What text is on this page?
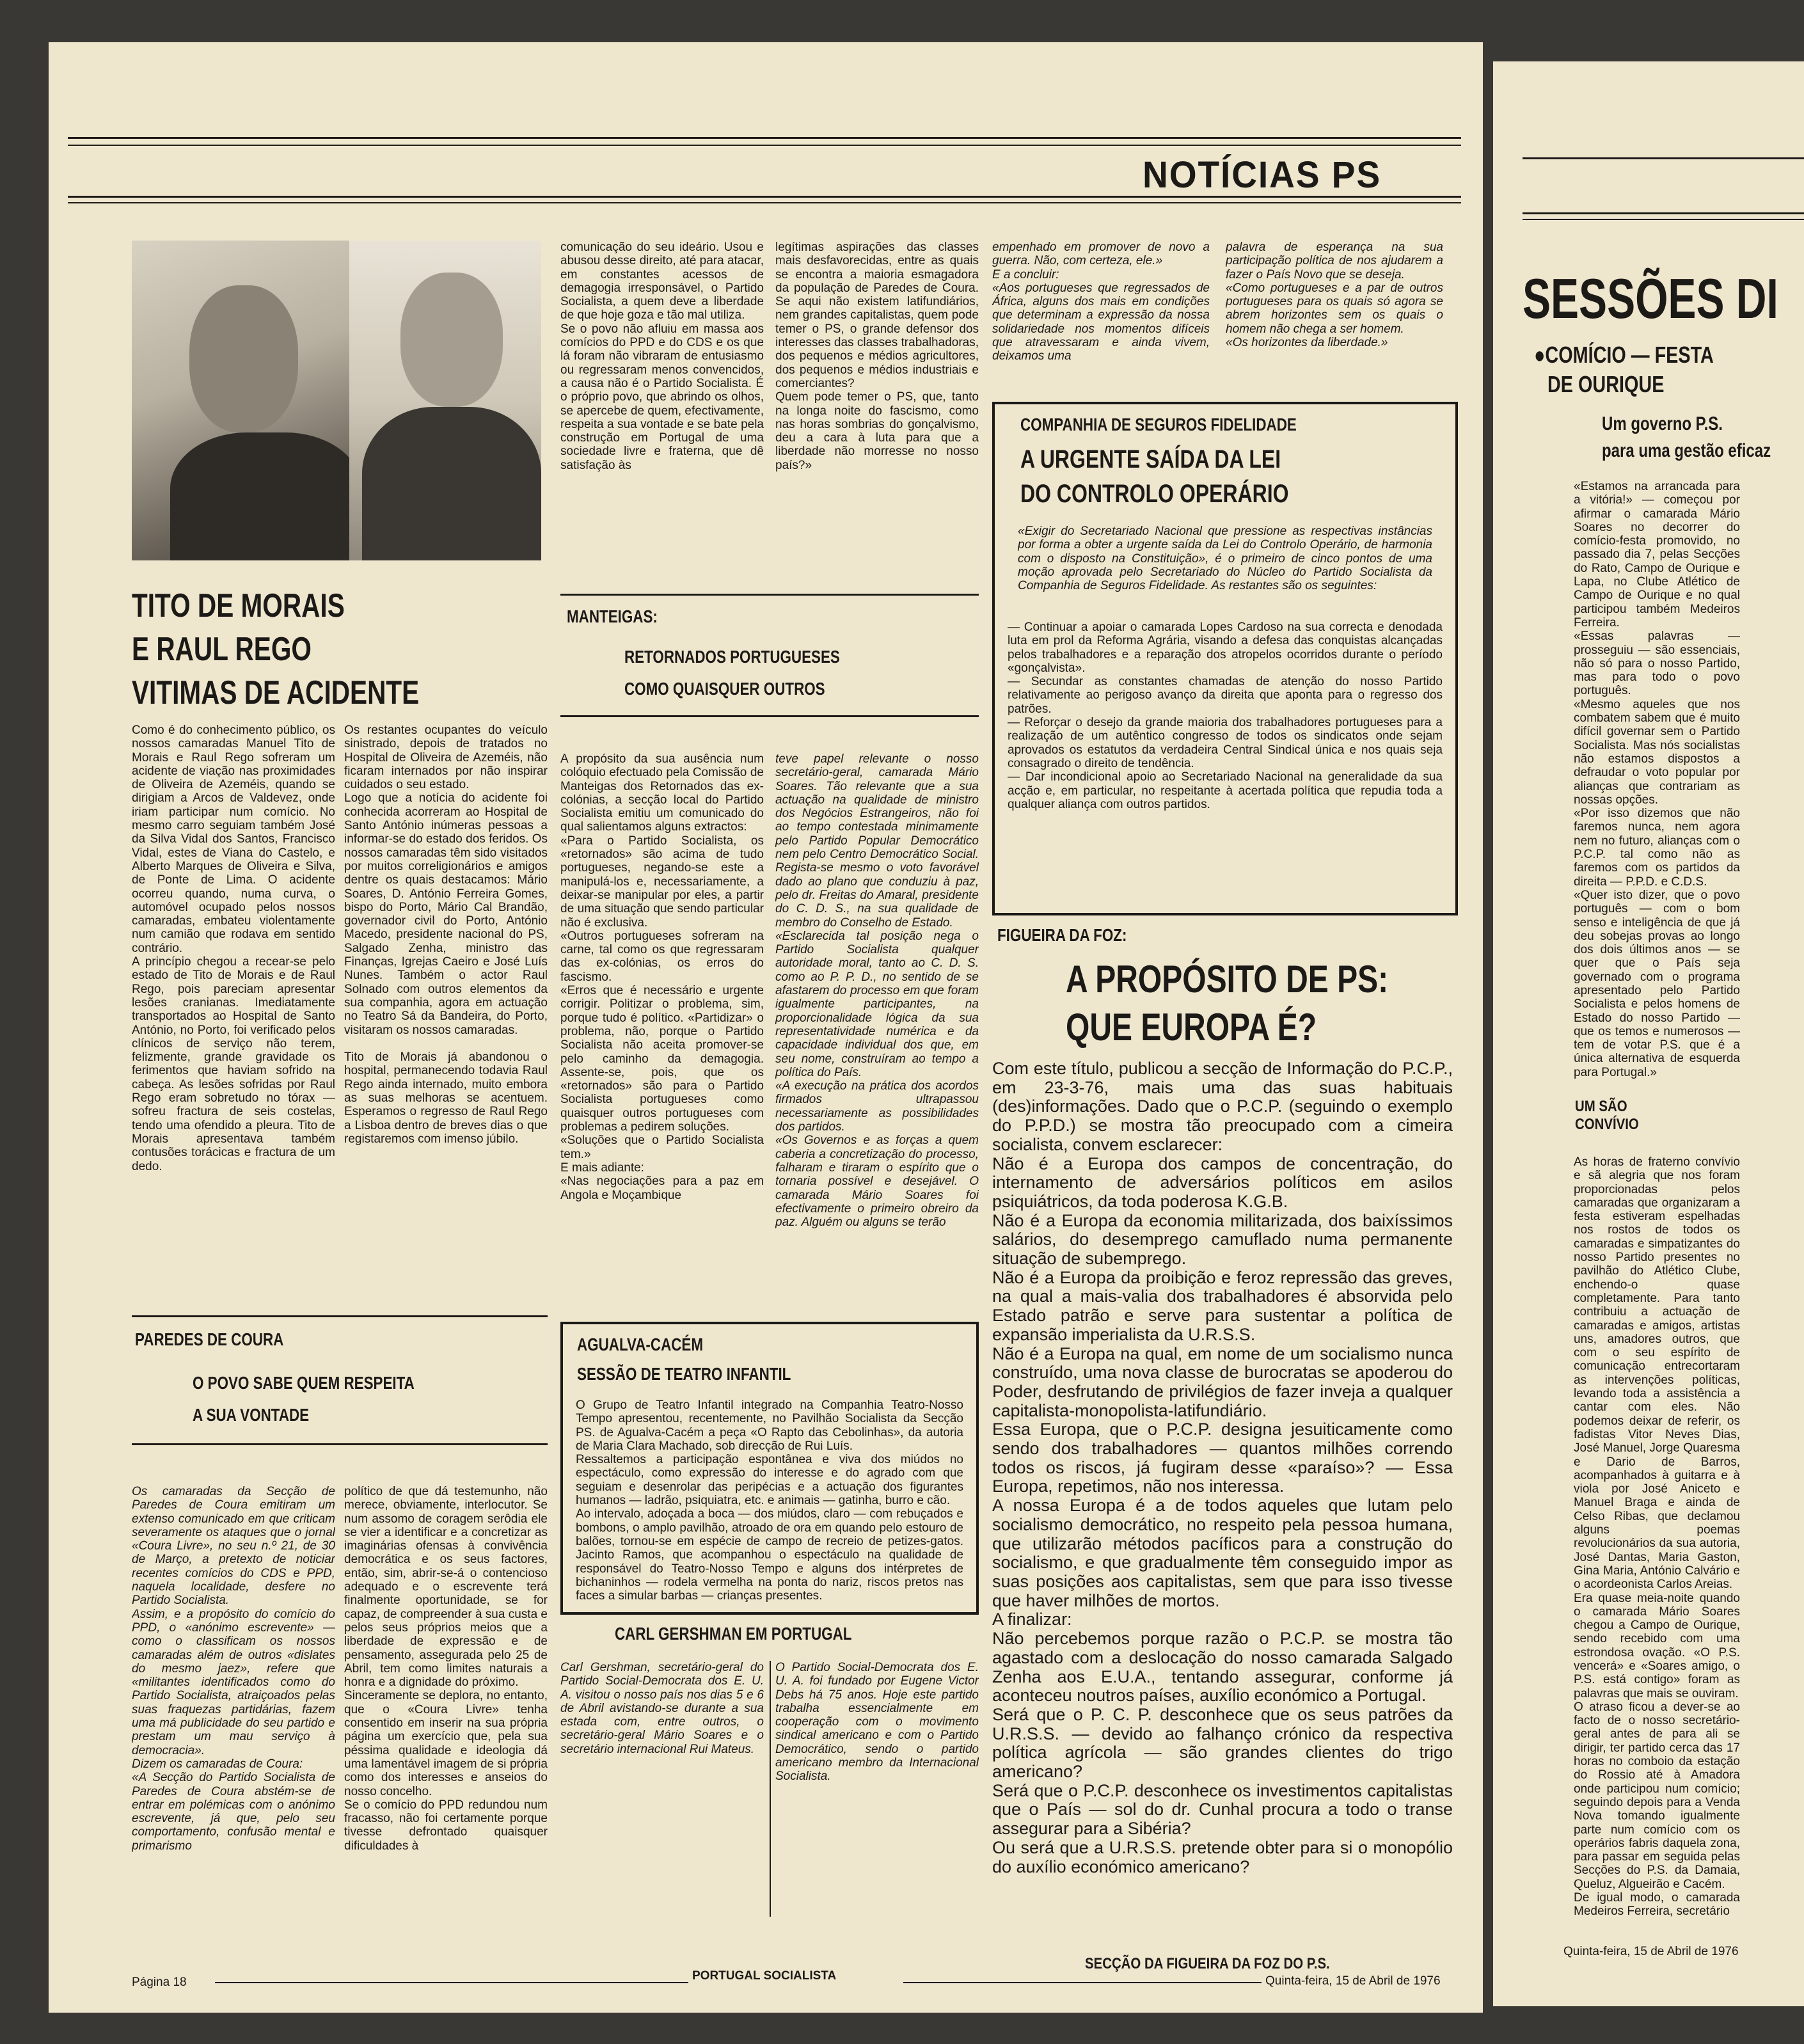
NOTÍCIAS PS
TITO DE MORAIS
E RAUL REGO
VITIMAS DE ACIDENTE
Como é do conhecimento público, os nossos camaradas Manuel Tito de Morais e Raul Rego sofreram um acidente de viação nas proximidades de Oliveira de Azeméis, quando se dirigiam a Arcos de Valdevez, onde iriam participar num comício. No mesmo carro seguiam também José da Silva Vidal dos Santos, Francisco Vidal, estes de Viana do Castelo, e Alberto Marques de Oliveira e Silva, de Ponte de Lima. O acidente ocorreu quando, numa curva, o automóvel ocupado pelos nossos camaradas, embateu violentamente num camião que rodava em sentido contrário.
A princípio chegou a recear-se pelo estado de Tito de Morais e de Raul Rego, pois pareciam apresentar lesões cranianas. Imediatamente transportados ao Hospital de Santo António, no Porto, foi verificado pelos clínicos de serviço não terem, felizmente, grande gravidade os ferimentos que haviam sofrido na cabeça. As lesões sofridas por Raul Rego eram sobretudo no tórax — sofreu fractura de seis costelas, tendo uma ofendido a pleura. Tito de Morais apresentava também contusões torácicas e fractura de um dedo.
Os restantes ocupantes do veículo sinistrado, depois de tratados no Hospital de Oliveira de Azeméis, não ficaram internados por não inspirar cuidados o seu estado.
Logo que a notícia do acidente foi conhecida acorreram ao Hospital de Santo António inúmeras pessoas a informar-se do estado dos feridos. Os nossos camaradas têm sido visitados por muitos correligionários e amigos dentre os quais destacamos: Mário Soares, D. António Ferreira Gomes, bispo do Porto, Mário Cal Brandão, governador civil do Porto, António Macedo, presidente nacional do PS, Salgado Zenha, ministro das Finanças, Igrejas Caeiro e José Luís Nunes. Também o actor Raul Solnado com outros elementos da sua companhia, agora em actuação no Teatro Sá da Bandeira, do Porto, visitaram os nossos camaradas.

Tito de Morais já abandonou o hospital, permanecendo todavia Raul Rego ainda internado, muito embora as suas melhoras se acentuem. Esperamos o regresso de Raul Rego a Lisboa dentro de breves dias o que registaremos com imenso júbilo.
PAREDES DE COURA
O POVO SABE QUEM RESPEITA
A SUA VONTADE
Os camaradas da Secção de Paredes de Coura emitiram um extenso comunicado em que criticam severamente os ataques que o jornal «Coura Livre», no seu n.º 21, de 30 de Março, a pretexto de noticiar recentes comícios do CDS e PPD, naquela localidade, desfere no Partido Socialista.
Assim, e a propósito do comício do PPD, o «anónimo escrevente» — como o classificam os nossos camaradas além de outros «dislates do mesmo jaez», refere que «militantes identificados como do Partido Socialista, atraiçoados pelas suas fraquezas partidárias, fazem uma má publicidade do seu partido e prestam um mau serviço à democracia».
Dizem os camaradas de Coura:
«A Secção do Partido Socialista de Paredes de Coura abstém-se de entrar em polémicas com o anónimo escrevente, já que, pelo seu comportamento, confusão mental e primarismo
político de que dá testemunho, não merece, obviamente, interlocutor. Se num assomo de coragem serôdia ele se vier a identificar e a concretizar as imaginárias ofensas à convivência democrática e os seus factores, então, sim, abrir-se-á o contencioso adequado e o escrevente terá finalmente oportunidade, se for capaz, de compreender à sua custa e pelos seus próprios meios que a liberdade de expressão e de pensamento, assegurada pelo 25 de Abril, tem como limites naturais a honra e a dignidade do próximo.
Sinceramente se deplora, no entanto, que o «Coura Livre» tenha consentido em inserir na sua própria página um exercício que, pela sua péssima qualidade e ideologia dá uma lamentável imagem de si própria como dos interesses e anseios do nosso concelho.
Se o comício do PPD redundou num fracasso, não foi certamente porque tivesse defrontado quaisquer dificuldades à
comunicação do seu ideário. Usou e abusou desse direito, até para atacar, em constantes acessos de demagogia irresponsável, o Partido Socialista, a quem deve a liberdade de que hoje goza e tão mal utiliza.
Se o povo não afluiu em massa aos comícios do PPD e do CDS e os que lá foram não vibraram de entusiasmo ou regressaram menos convencidos, a causa não é o Partido Socialista. É o próprio povo, que abrindo os olhos, se apercebe de quem, efectivamente, respeita a sua vontade e se bate pela construção em Portugal de uma sociedade livre e fraterna, que dê satisfação às
legítimas aspirações das classes mais desfavorecidas, entre as quais se encontra a maioria esmagadora da população de Paredes de Coura. Se aqui não existem latifundiários, nem grandes capitalistas, quem pode temer o PS, o grande defensor dos interesses das classes trabalhadoras, dos pequenos e médios agricultores, dos pequenos e médios industriais e comerciantes?
Quem pode temer o PS, que, tanto na longa noite do fascismo, como nas horas sombrias do gonçalvismo, deu a cara à luta para que a liberdade não morresse no nosso país?»
MANTEIGAS:
RETORNADOS PORTUGUESES
COMO QUAISQUER OUTROS
A propósito da sua ausência num colóquio efectuado pela Comissão de Manteigas dos Retornados das ex-colónias, a secção local do Partido Socialista emitiu um comunicado do qual salientamos alguns extractos:
«Para o Partido Socialista, os «retornados» são acima de tudo portugueses, negando-se este a manipulá-los e, necessariamente, a deixar-se manipular por eles, a partir de uma situação que sendo particular não é exclusiva.
«Outros portugueses sofreram na carne, tal como os que regressaram das ex-colónias, os erros do fascismo.
«Erros que é necessário e urgente corrigir. Politizar o problema, sim, porque tudo é político. «Partidizar» o problema, não, porque o Partido Socialista não aceita promover-se pelo caminho da demagogia. Assente-se, pois, que os «retornados» são para o Partido Socialista portugueses como quaisquer outros portugueses com problemas a pedirem soluções.
«Soluções que o Partido Socialista tem.»
E mais adiante:
«Nas negociações para a paz em Angola e Moçambique
teve papel relevante o nosso secretário-geral, camarada Mário Soares. Tão relevante que a sua actuação na qualidade de ministro dos Negócios Estrangeiros, não foi ao tempo contestada minimamente pelo Partido Popular Democrático nem pelo Centro Democrático Social. Regista-se mesmo o voto favorável dado ao plano que conduziu à paz, pelo dr. Freitas do Amaral, presidente do C. D. S., na sua qualidade de membro do Conselho de Estado.
«Esclarecida tal posição nega o Partido Socialista qualquer autoridade moral, tanto ao C. D. S. como ao P. P. D., no sentido de se afastarem do processo em que foram igualmente participantes, na proporcionalidade lógica da sua representatividade numérica e da capacidade individual dos que, em seu nome, construíram ao tempo a política do País.
«A execução na prática dos acordos firmados ultrapassou necessariamente as possibilidades dos partidos.
«Os Governos e as forças a quem caberia a concretização do processo, falharam e tiraram o espírito que o tornaria possível e desejável. O camarada Mário Soares foi efectivamente o primeiro obreiro da paz. Alguém ou alguns se terão
AGUALVA-CACÉM
SESSÃO DE TEATRO INFANTIL
O Grupo de Teatro Infantil integrado na Companhia Teatro-Nosso Tempo apresentou, recentemente, no Pavilhão Socialista da Secção PS. de Agualva-Cacém a peça «O Rapto das Cebolinhas», da autoria de Maria Clara Machado, sob direcção de Rui Luís.
Ressaltemos a participação espontânea e viva dos miúdos no espectáculo, como expressão do interesse e do agrado com que seguiam e desenrolar das peripécias e a actuação dos figurantes humanos — ladrão, psiquiatra, etc. e animais — gatinha, burro e cão.
Ao intervalo, adoçada a boca — dos miúdos, claro — com rebuçados e bombons, o amplo pavilhão, atroado de ora em quando pelo estouro de balões, tornou-se em espécie de campo de recreio de petizes-gatos. Jacinto Ramos, que acompanhou o espectáculo na qualidade de responsável do Teatro-Nosso Tempo e alguns dos intérpretes de bichaninhos — rodela vermelha na ponta do nariz, riscos pretos nas faces a simular barbas — crianças presentes.
CARL GERSHMAN EM PORTUGAL
Carl Gershman, secretário-geral do Partido Social-Democrata dos E. U. A. visitou o nosso país nos dias 5 e 6 de Abril avistando-se durante a sua estada com, entre outros, o secretário-geral Mário Soares e o secretário internacional Rui Mateus.
O Partido Social-Democrata dos E. U. A. foi fundado por Eugene Victor Debs há 75 anos. Hoje este partido trabalha essencialmente em cooperação com o movimento sindical americano e com o Partido Democrático, sendo o partido americano membro da Internacional Socialista.
empenhado em promover de novo a guerra. Não, com certeza, ele.»
E a concluir:
«Aos portugueses que regressados de África, alguns dos mais em condições que determinam a expressão da nossa solidariedade nos momentos difíceis que atravessaram e ainda vivem, deixamos uma
palavra de esperança na sua participação política de nos ajudarem a fazer o País Novo que se deseja.
«Como portugueses e a par de outros portugueses para os quais só agora se abrem horizontes sem os quais o homem não chega a ser homem.
«Os horizontes da liberdade.»
COMPANHIA DE SEGUROS FIDELIDADE
A URGENTE SAÍDA DA LEI
DO CONTROLO OPERÁRIO
«Exigir do Secretariado Nacional que pressione as respectivas instâncias por forma a obter a urgente saída da Lei do Controlo Operário, de harmonia com o disposto na Constituição», é o primeiro de cinco pontos de uma moção aprovada pelo Secretariado do Núcleo do Partido Socialista da Companhia de Seguros Fidelidade. As restantes são os seguintes:
— Continuar a apoiar o camarada Lopes Cardoso na sua correcta e denodada luta em prol da Reforma Agrária, visando a defesa das conquistas alcançadas pelos trabalhadores e a reparação dos atropelos ocorridos durante o período «gonçalvista».
— Secundar as constantes chamadas de atenção do nosso Partido relativamente ao perigoso avanço da direita que aponta para o regresso dos patrões.
— Reforçar o desejo da grande maioria dos trabalhadores portugueses para a realização de um autêntico congresso de todos os sindicatos onde sejam aprovados os estatutos da verdadeira Central Sindical única e nos quais seja consagrado o direito de tendência.
— Dar incondicional apoio ao Secretariado Nacional na generalidade da sua acção e, em particular, no respeitante à acertada política que repudia toda a qualquer aliança com outros partidos.
FIGUEIRA DA FOZ:
A PROPÓSITO DE PS:
QUE EUROPA É?
Com este título, publicou a secção de Informação do P.C.P., em 23-3-76, mais uma das suas habituais (des)informações. Dado que o P.C.P. (seguindo o exemplo do P.P.D.) se mostra tão preocupado com a cimeira socialista, convem esclarecer:
Não é a Europa dos campos de concentração, do internamento de adversários políticos em asilos psiquiátricos, da toda poderosa K.G.B.
Não é a Europa da economia militarizada, dos baixíssimos salários, do desemprego camuflado numa permanente situação de subemprego.
Não é a Europa da proibição e feroz repressão das greves, na qual a mais-valia dos trabalhadores é absorvida pelo Estado patrão e serve para sustentar a política de expansão imperialista da U.R.S.S.
Não é a Europa na qual, em nome de um socialismo nunca construído, uma nova classe de burocratas se apoderou do Poder, desfrutando de privilégios de fazer inveja a qualquer capitalista-monopolista-latifundiário.
Essa Europa, que o P.C.P. designa jesuiticamente como sendo dos trabalhadores — quantos milhões correndo todos os riscos, já fugiram desse «paraíso»? — Essa Europa, repetimos, não nos interessa.
A nossa Europa é a de todos aqueles que lutam pelo socialismo democrático, no respeito pela pessoa humana, que utilizarão métodos pacíficos para a construção do socialismo, e que gradualmente têm conseguido impor as suas posições aos capitalistas, sem que para isso tivesse que haver milhões de mortos.
A finalizar:
Não percebemos porque razão o P.C.P. se mostra tão agastado com a deslocação do nosso camarada Salgado Zenha aos E.U.A., tentando assegurar, conforme já aconteceu noutros países, auxílio económico a Portugal.
Será que o P. C. P. desconhece que os seus patrões da U.R.S.S. — devido ao falhanço crónico da respectiva política agrícola — são grandes clientes do trigo americano?
Será que o P.C.P. desconhece os investimentos capitalistas que o País — sol do dr. Cunhal procura a todo o transe assegurar para a Sibéria?
Ou será que a U.R.S.S. pretende obter para si o monopólio do auxílio económico americano?
SECÇÃO DA FIGUEIRA DA FOZ DO P.S.
Página 18	PORTUGAL SOCIALISTA	Quinta-feira, 15 de Abril de 1976
SESSÕES DI
●COMÍCIO — FESTA
DE OURIQUE
Um governo P.S.
para uma gestão eficaz
«Estamos na arrancada para a vitória!» — começou por afirmar o camarada Mário Soares no decorrer do comício-festa promovido, no passado dia 7, pelas Secções do Rato, Campo de Ourique e Lapa, no Clube Atlético de Campo de Ourique e no qual participou também Medeiros Ferreira.
«Essas palavras — prosseguiu — são essenciais, não só para o nosso Partido, mas para todo o povo português.
«Mesmo aqueles que nos combatem sabem que é muito difícil governar sem o Partido Socialista. Mas nós socialistas não estamos dispostos a defraudar o voto popular por alianças que contrariam as nossas opções.
«Por isso dizemos que não faremos nunca, nem agora nem no futuro, alianças com o P.C.P. tal como não as faremos com os partidos da direita — P.P.D. e C.D.S.
«Quer isto dizer, que o povo português — com o bom senso e inteligência de que já deu sobejas provas ao longo dos dois últimos anos — se quer que o País seja governado com o programa apresentado pelo Partido Socialista e pelos homens de Estado do nosso Partido — que os temos e numerosos — tem de votar P.S. que é a única alternativa de esquerda para Portugal.»
UM SÃO
CONVÍVIO
As horas de fraterno convívio e sã alegria que nos foram proporcionadas pelos camaradas que organizaram a festa estiveram espelhadas nos rostos de todos os camaradas e simpatizantes do nosso Partido presentes no pavilhão do Atlético Clube, enchendo-o quase completamente. Para tanto contribuiu a actuação de camaradas e amigos, artistas uns, amadores outros, que com o seu espírito de comunicação entrecortaram as intervenções políticas, levando toda a assistência a cantar com eles. Não podemos deixar de referir, os fadistas Vitor Neves Dias, José Manuel, Jorge Quaresma e Dario de Barros, acompanhados à guitarra e à viola por José Aniceto e Manuel Braga e ainda de Celso Ribas, que declamou alguns poemas revolucionários da sua autoria, José Dantas, Maria Gaston, Gina Maria, António Calvário e o acordeonista Carlos Areias.
Era quase meia-noite quando o camarada Mário Soares chegou a Campo de Ourique, sendo recebido com uma estrondosa ovação. «O P.S. vencerá» e «Soares amigo, o P.S. está contigo» foram as palavras que mais se ouviram.
O atraso ficou a dever-se ao facto de o nosso secretário-geral antes de para ali se dirigir, ter partido cerca das 17 horas no comboio da estação do Rossio até à Amadora onde participou num comício; seguindo depois para a Venda Nova tomando igualmente parte num comício com os operários fabris daquela zona, para passar em seguida pelas Secções do P.S. da Damaia, Queluz, Algueirão e Cacém.
De igual modo, o camarada Medeiros Ferreira, secretário
Quinta-feira, 15 de Abril de 1976
